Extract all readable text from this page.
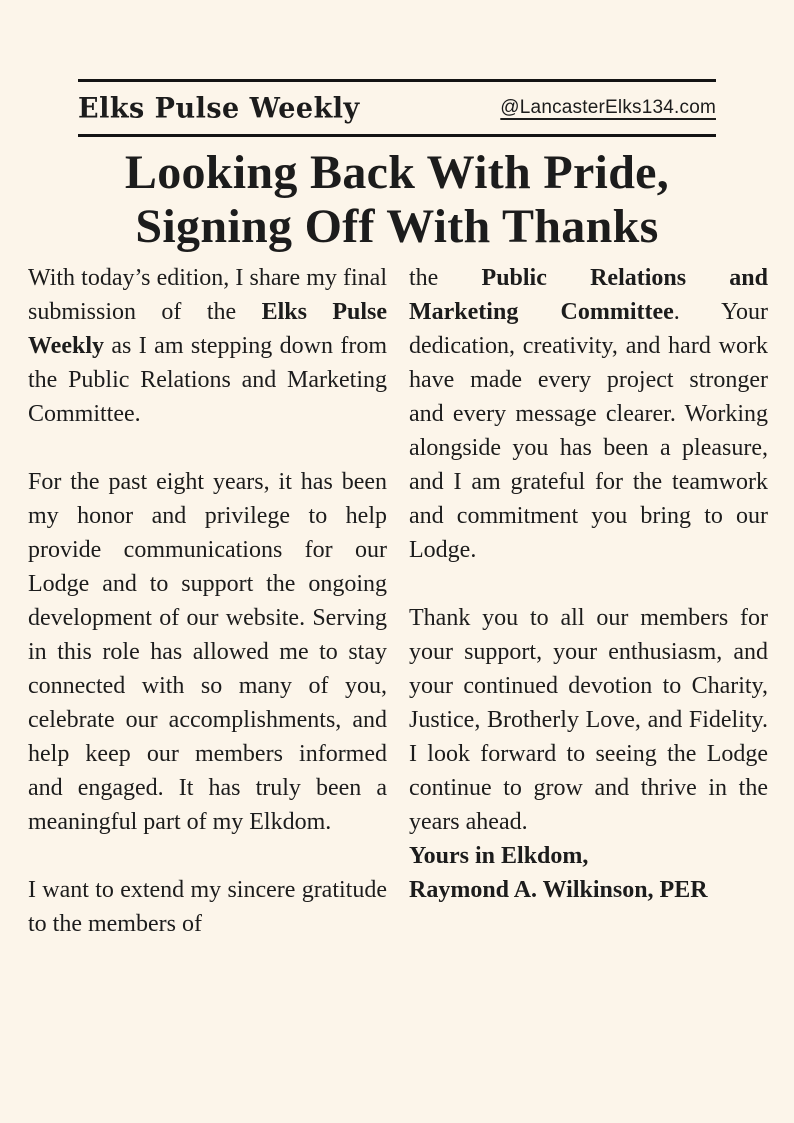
Elks Pulse Weekly	@LancasterElks134.com
Looking Back With Pride,
Signing Off With Thanks

With today’s edition, I share my final submission of the Elks Pulse Weekly as I am stepping down from the Public Relations and Marketing Committee.

For the past eight years, it has been my honor and privilege to help provide communications for our Lodge and to support the ongoing development of our website. Serving in this role has allowed me to stay connected with so many of you, celebrate our accomplishments, and help keep our members informed and engaged. It has truly been a meaningful part of my Elkdom.

I want to extend my sincere gratitude to the members of

the Public Relations and Marketing Committee. Your dedication, creativity, and hard work have made every project stronger and every message clearer. Working alongside you has been a pleasure, and I am grateful for the teamwork and commitment you bring to our Lodge.

Thank you to all our members for your support, your enthusiasm, and your continued devotion to Charity, Justice, Brotherly Love, and Fidelity. I look forward to seeing the Lodge continue to grow and thrive in the years ahead.

Yours in Elkdom,
Raymond A. Wilkinson, PER
